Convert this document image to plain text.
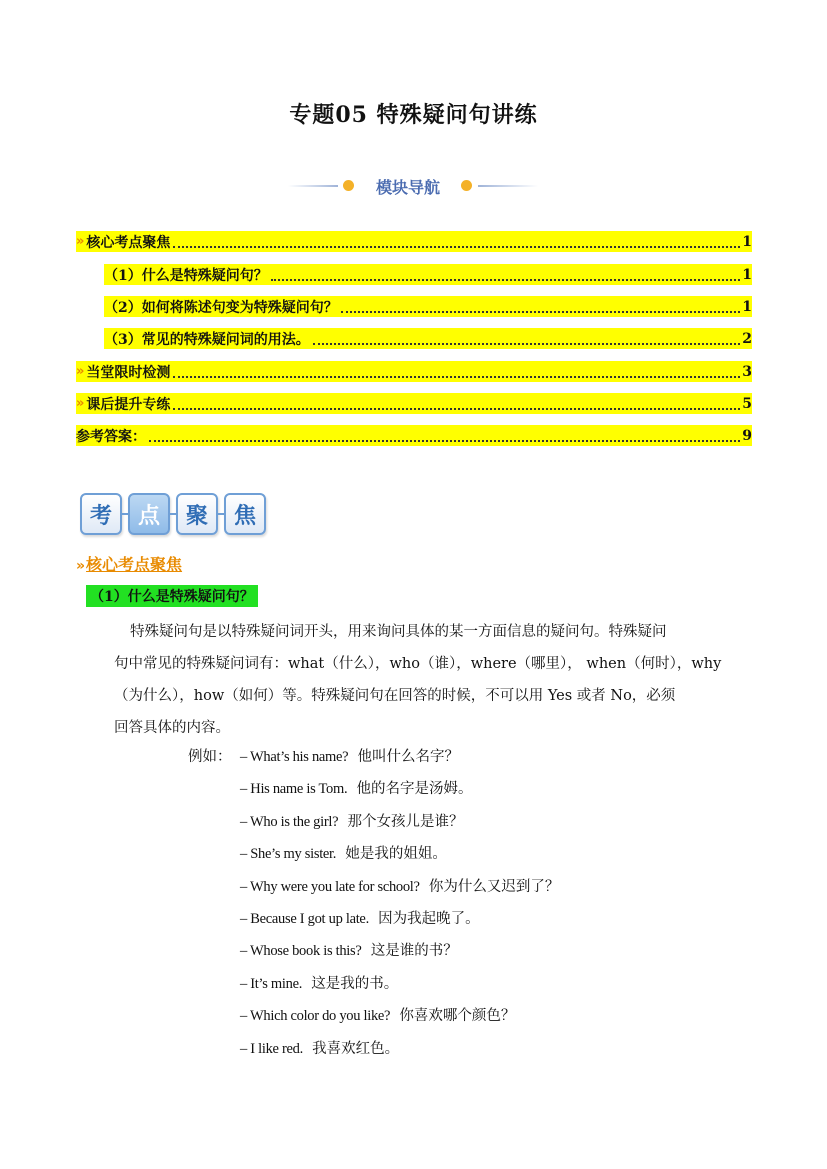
专题05 特殊疑问句讲练
模块导航
» 核心考点聚焦	1
（1）什么是特殊疑问句？	1
（2）如何将陈述句变为特殊疑问句？	1
（3）常见的特殊疑问词的用法。	2
» 当堂限时检测	3
» 课后提升专练	5
参考答案：	9
考	点	聚	焦
» 核心考点聚焦
（1）什么是特殊疑问句？
特殊疑问句是以特殊疑问词开头，用来询问具体的某一方面信息的疑问句。特殊疑问
句中常见的特殊疑问词有：what（什么），who（谁），where（哪里）， when（何时），why
（为什么），how（如何）等。特殊疑问句在回答的时候，不可以用 Yes 或者 No，必须
回答具体的内容。
例如： – What’s his name? 他叫什么名字？
– His name is Tom. 他的名字是汤姆。
– Who is the girl? 那个女孩儿是谁？
– She’s my sister. 她是我的姐姐。
– Why were you late for school? 你为什么又迟到了？
– Because I got up late. 因为我起晚了。
– Whose book is this? 这是谁的书？
– It’s mine. 这是我的书。
– Which color do you like? 你喜欢哪个颜色？
– I like red. 我喜欢红色。
